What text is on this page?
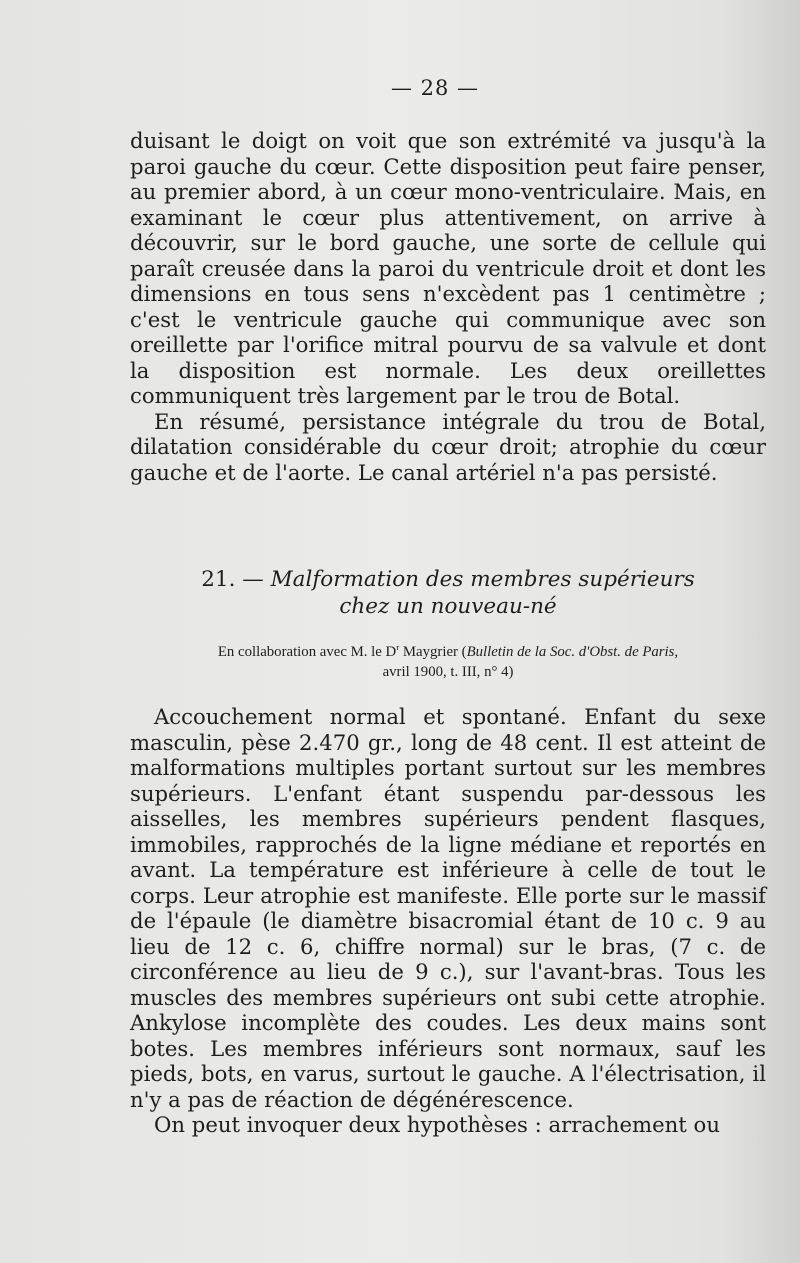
— 28 —

duisant le doigt on voit que son extrémité va jusqu'à la paroi gauche du cœur. Cette disposition peut faire penser, au premier abord, à un cœur mono-ventriculaire. Mais, en examinant le cœur plus attentivement, on arrive à découvrir, sur le bord gauche, une sorte de cellule qui paraît creusée dans la paroi du ventricule droit et dont les dimensions en tous sens n'excèdent pas 1 centimètre ; c'est le ventricule gauche qui communique avec son oreillette par l'orifice mitral pourvu de sa valvule et dont la disposition est normale. Les deux oreillettes communiquent très largement par le trou de Botal.

En résumé, persistance intégrale du trou de Botal, dilatation considérable du cœur droit; atrophie du cœur gauche et de l'aorte. Le canal artériel n'a pas persisté.

21. — Malformation des membres supérieurs
chez un nouveau-né
En collaboration avec M. le $D^r$ Maygrier (Bulletin de la Soc. d'Obst. de Paris,
avril 1900, t. III, n° 4)

Accouchement normal et spontané. Enfant du sexe masculin, pèse 2.470 gr., long de 48 cent. Il est atteint de malformations multiples portant surtout sur les membres supérieurs. L'enfant étant suspendu par-dessous les aisselles, les membres supérieurs pendent flasques, immobiles, rapprochés de la ligne médiane et reportés en avant. La température est inférieure à celle de tout le corps. Leur atrophie est manifeste. Elle porte sur le massif de l'épaule (le diamètre bisacromial étant de 10 c. 9 au lieu de 12 c. 6, chiffre normal) sur le bras, (7 c. de circonférence au lieu de 9 c.), sur l'avant-bras. Tous les muscles des membres supérieurs ont subi cette atrophie. Ankylose incomplète des coudes. Les deux mains sont botes. Les membres inférieurs sont normaux, sauf les pieds, bots, en varus, surtout le gauche. A l'électrisation, il n'y a pas de réaction de dégénérescence.

On peut invoquer deux hypothèses : arrachement ou
